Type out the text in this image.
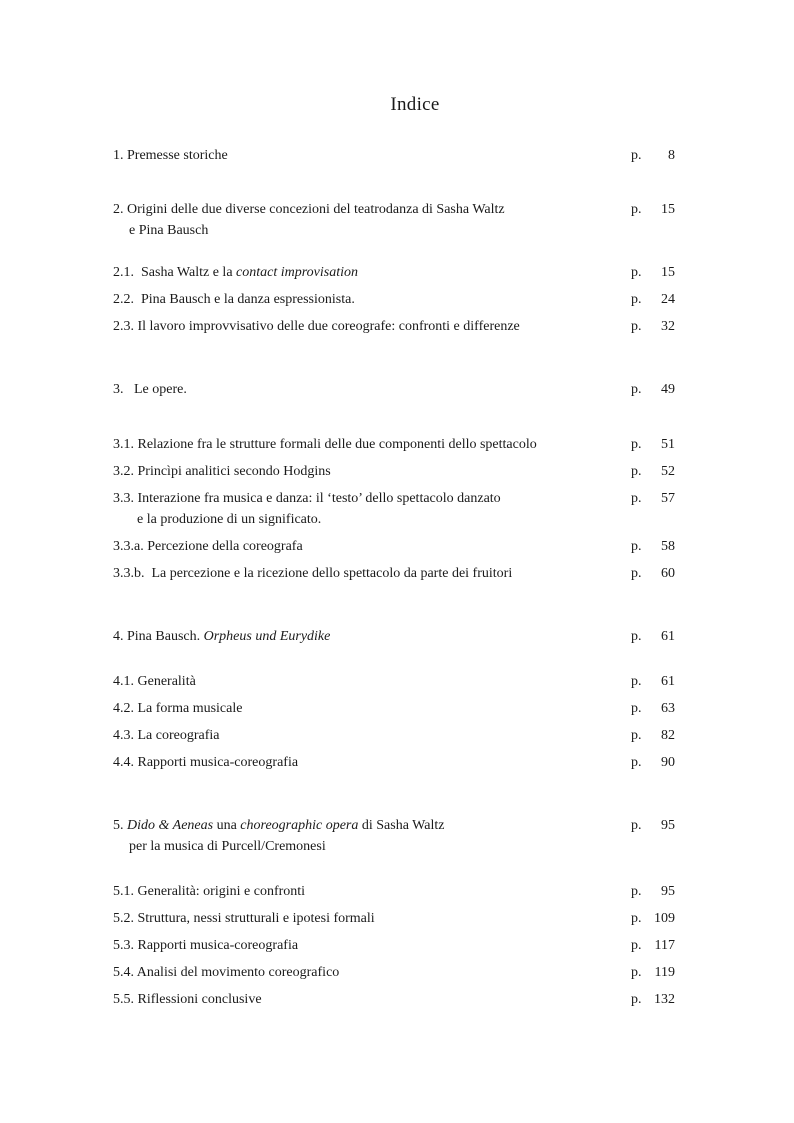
Indice
1. Premesse storiche	p.	8
2. Origini delle due diverse concezioni del teatrodanza di Sasha Waltz
e Pina Bausch
p.	15
2.1.  Sasha Waltz e la contact improvisation	p.	15
2.2.  Pina Bausch e la danza espressionista.	p.	24
2.3. Il lavoro improvvisativo delle due coreografe: confronti e differenze	p.	32
3.   Le opere.	p.	49
3.1. Relazione fra le strutture formali delle due componenti dello spettacolo	p.	51
3.2. Princìpi analitici secondo Hodgins	p.	52
3.3. Interazione fra musica e danza: il ‘testo’ dello spettacolo danzato
e la produzione di un significato.
p.	57
3.3.a. Percezione della coreografa	p.	58
3.3.b.  La percezione e la ricezione dello spettacolo da parte dei fruitori	p.	60
4. Pina Bausch. Orpheus und Eurydike	p.	61
4.1. Generalità	p.	61
4.2. La forma musicale	p.	63
4.3. La coreografia	p.	82
4.4. Rapporti musica-coreografia	p.	90
5. Dido & Aeneas una choreographic opera di Sasha Waltz
per la musica di Purcell/Cremonesi
p.	95
5.1. Generalità: origini e confronti	p.	95
5.2. Struttura, nessi strutturali e ipotesi formali	p. 109
5.3. Rapporti musica-coreografia	p. 117
5.4. Analisi del movimento coreografico	p. 119
5.5. Riflessioni conclusive	p. 132
